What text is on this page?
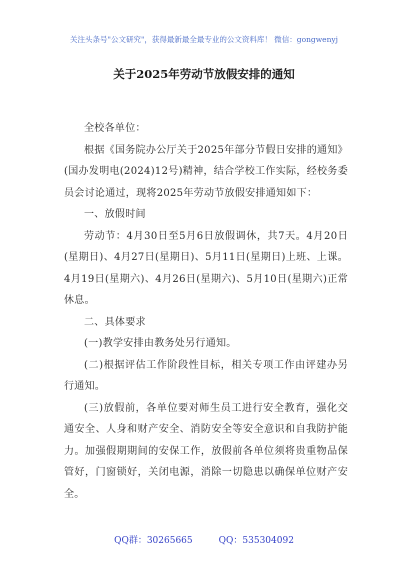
关注头条号"公文研究"，获得最新最全最专业的公文资料库！ 微信：gongwenyj
关于2025年劳动节放假安排的通知

全校各单位：

根据《国务院办公厅关于2025年部分节假日安排的通知》(国办发明电(2024)12号)精神，结合学校工作实际，经校务委员会讨论通过，现将2025年劳动节放假安排通知如下：

一、放假时间

劳动节：4月30日至5月6日放假调休，共7天。4月20日(星期日)、4月27日(星期日)、5月11日(星期日)上班、上课。4月19日(星期六)、4月26日(星期六)、5月10日(星期六)正常休息。

二、具体要求

(一)教学安排由教务处另行通知。

(二)根据评估工作阶段性目标，相关专项工作由评建办另行通知。

(三)放假前，各单位要对师生员工进行安全教育，强化交通安全、人身和财产安全、消防安全等安全意识和自我防护能力。加强假期期间的安保工作，放假前各单位须将贵重物品保管好，门窗锁好，关闭电源，消除一切隐患以确保单位财产安全。

QQ群：30265665	QQ：535304092
